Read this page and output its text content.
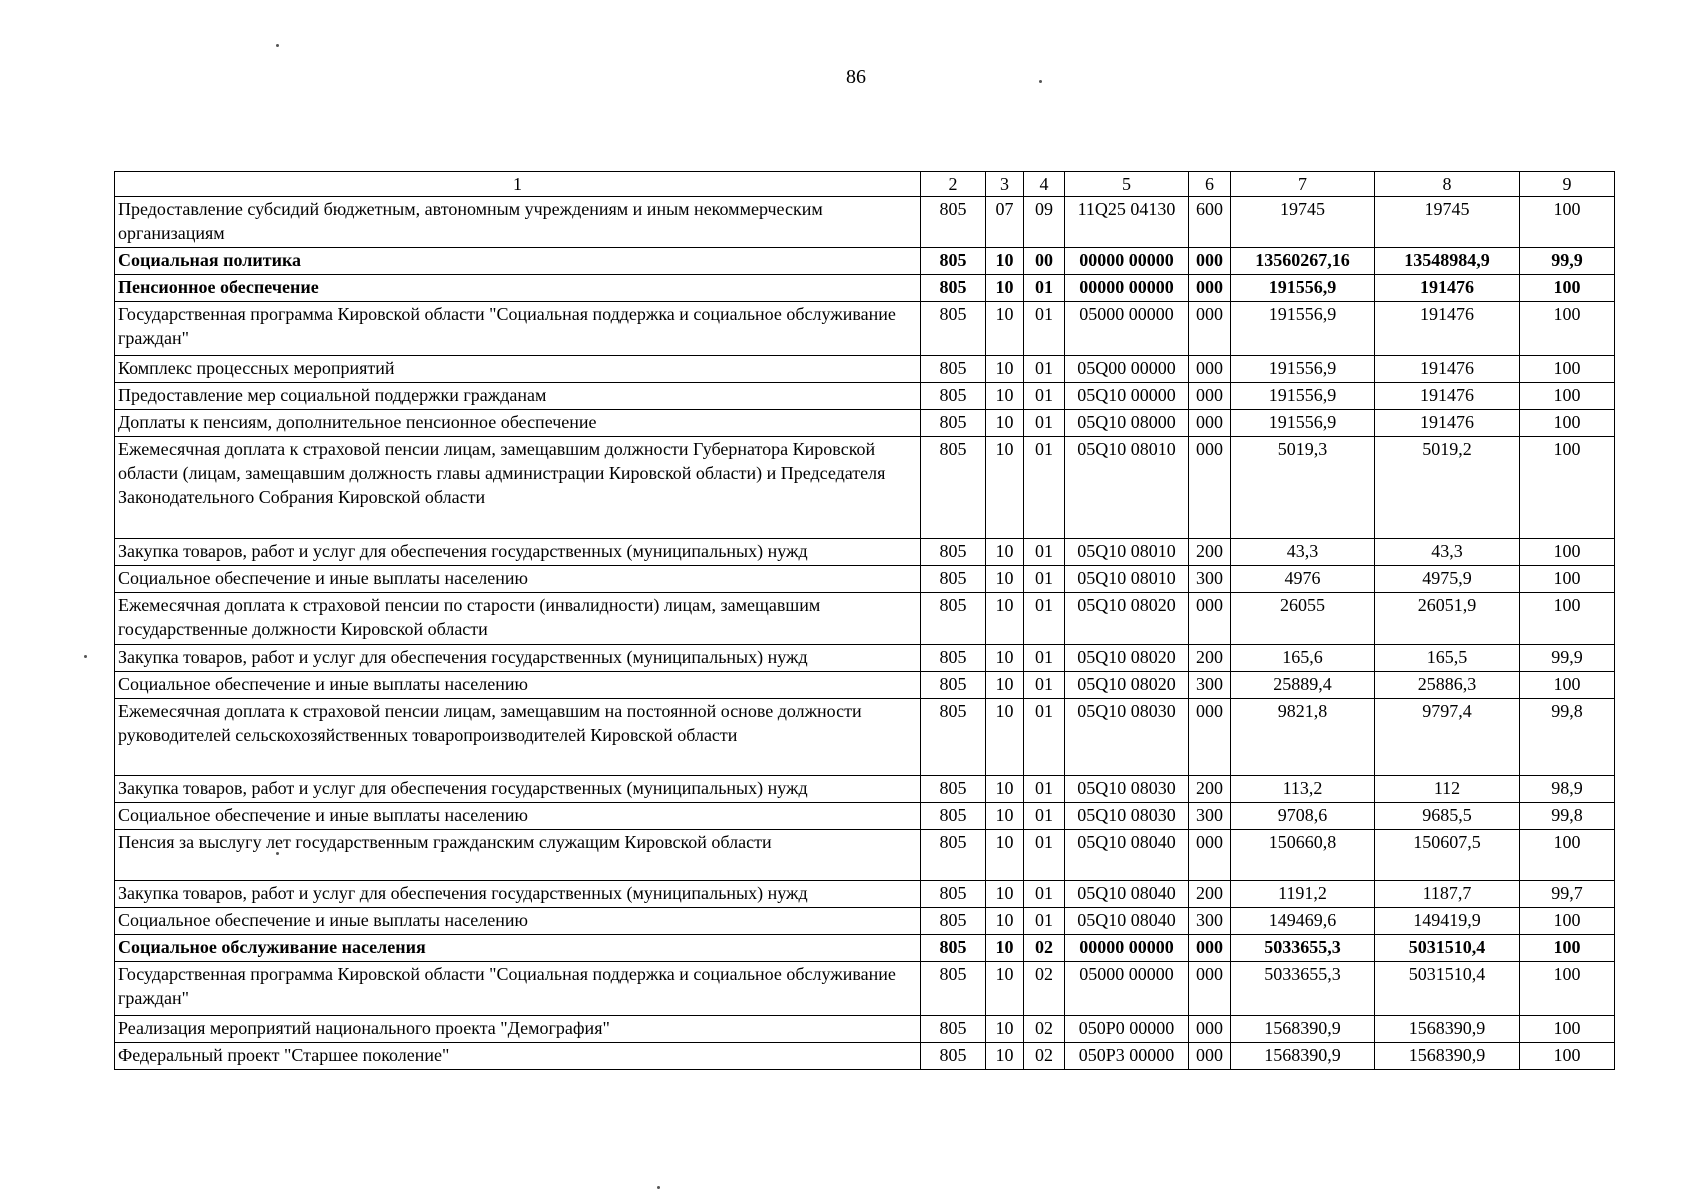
86
1	2	3	4	5	6	7	8	9
Предоставление субсидий бюджетным, автономным учреждениям и иным некоммерческим организациям	805	07	09	11Q25 04130	600	19745	19745	100
Социальная политика	805	10	00	00000 00000	000	13560267,16	13548984,9	99,9
Пенсионное обеспечение	805	10	01	00000 00000	000	191556,9	191476	100
Государственная программа Кировской области "Социальная поддержка и социальное обслуживание граждан"	805	10	01	05000 00000	000	191556,9	191476	100
Комплекс процессных мероприятий	805	10	01	05Q00 00000	000	191556,9	191476	100
Предоставление мер социальной поддержки гражданам	805	10	01	05Q10 00000	000	191556,9	191476	100
Доплаты к пенсиям, дополнительное пенсионное обеспечение	805	10	01	05Q10 08000	000	191556,9	191476	100
Ежемесячная доплата к страховой пенсии лицам, замещавшим должности Губернатора Кировской области (лицам, замещавшим должность главы администрации Кировской области) и Председателя Законодательного Собрания Кировской области	805	10	01	05Q10 08010	000	5019,3	5019,2	100
Закупка товаров, работ и услуг для обеспечения государственных (муниципальных) нужд	805	10	01	05Q10 08010	200	43,3	43,3	100
Социальное обеспечение и иные выплаты населению	805	10	01	05Q10 08010	300	4976	4975,9	100
Ежемесячная доплата к страховой пенсии по старости (инвалидности) лицам, замещавшим государственные должности Кировской области	805	10	01	05Q10 08020	000	26055	26051,9	100
Закупка товаров, работ и услуг для обеспечения государственных (муниципальных) нужд	805	10	01	05Q10 08020	200	165,6	165,5	99,9
Социальное обеспечение и иные выплаты населению	805	10	01	05Q10 08020	300	25889,4	25886,3	100
Ежемесячная доплата к страховой пенсии лицам, замещавшим на постоянной основе должности руководителей сельскохозяйственных товаропроизводителей Кировской области	805	10	01	05Q10 08030	000	9821,8	9797,4	99,8
Закупка товаров, работ и услуг для обеспечения государственных (муниципальных) нужд	805	10	01	05Q10 08030	200	113,2	112	98,9
Социальное обеспечение и иные выплаты населению	805	10	01	05Q10 08030	300	9708,6	9685,5	99,8
Пенсия за выслугу лет государственным гражданским служащим Кировской области	805	10	01	05Q10 08040	000	150660,8	150607,5	100
Закупка товаров, работ и услуг для обеспечения государственных (муниципальных) нужд	805	10	01	05Q10 08040	200	1191,2	1187,7	99,7
Социальное обеспечение и иные выплаты населению	805	10	01	05Q10 08040	300	149469,6	149419,9	100
Социальное обслуживание населения	805	10	02	00000 00000	000	5033655,3	5031510,4	100
Государственная программа Кировской области "Социальная поддержка и социальное обслуживание граждан"	805	10	02	05000 00000	000	5033655,3	5031510,4	100
Реализация мероприятий национального проекта "Демография"	805	10	02	050Р0 00000	000	1568390,9	1568390,9	100
Федеральный проект "Старшее поколение"	805	10	02	050Р3 00000	000	1568390,9	1568390,9	100
